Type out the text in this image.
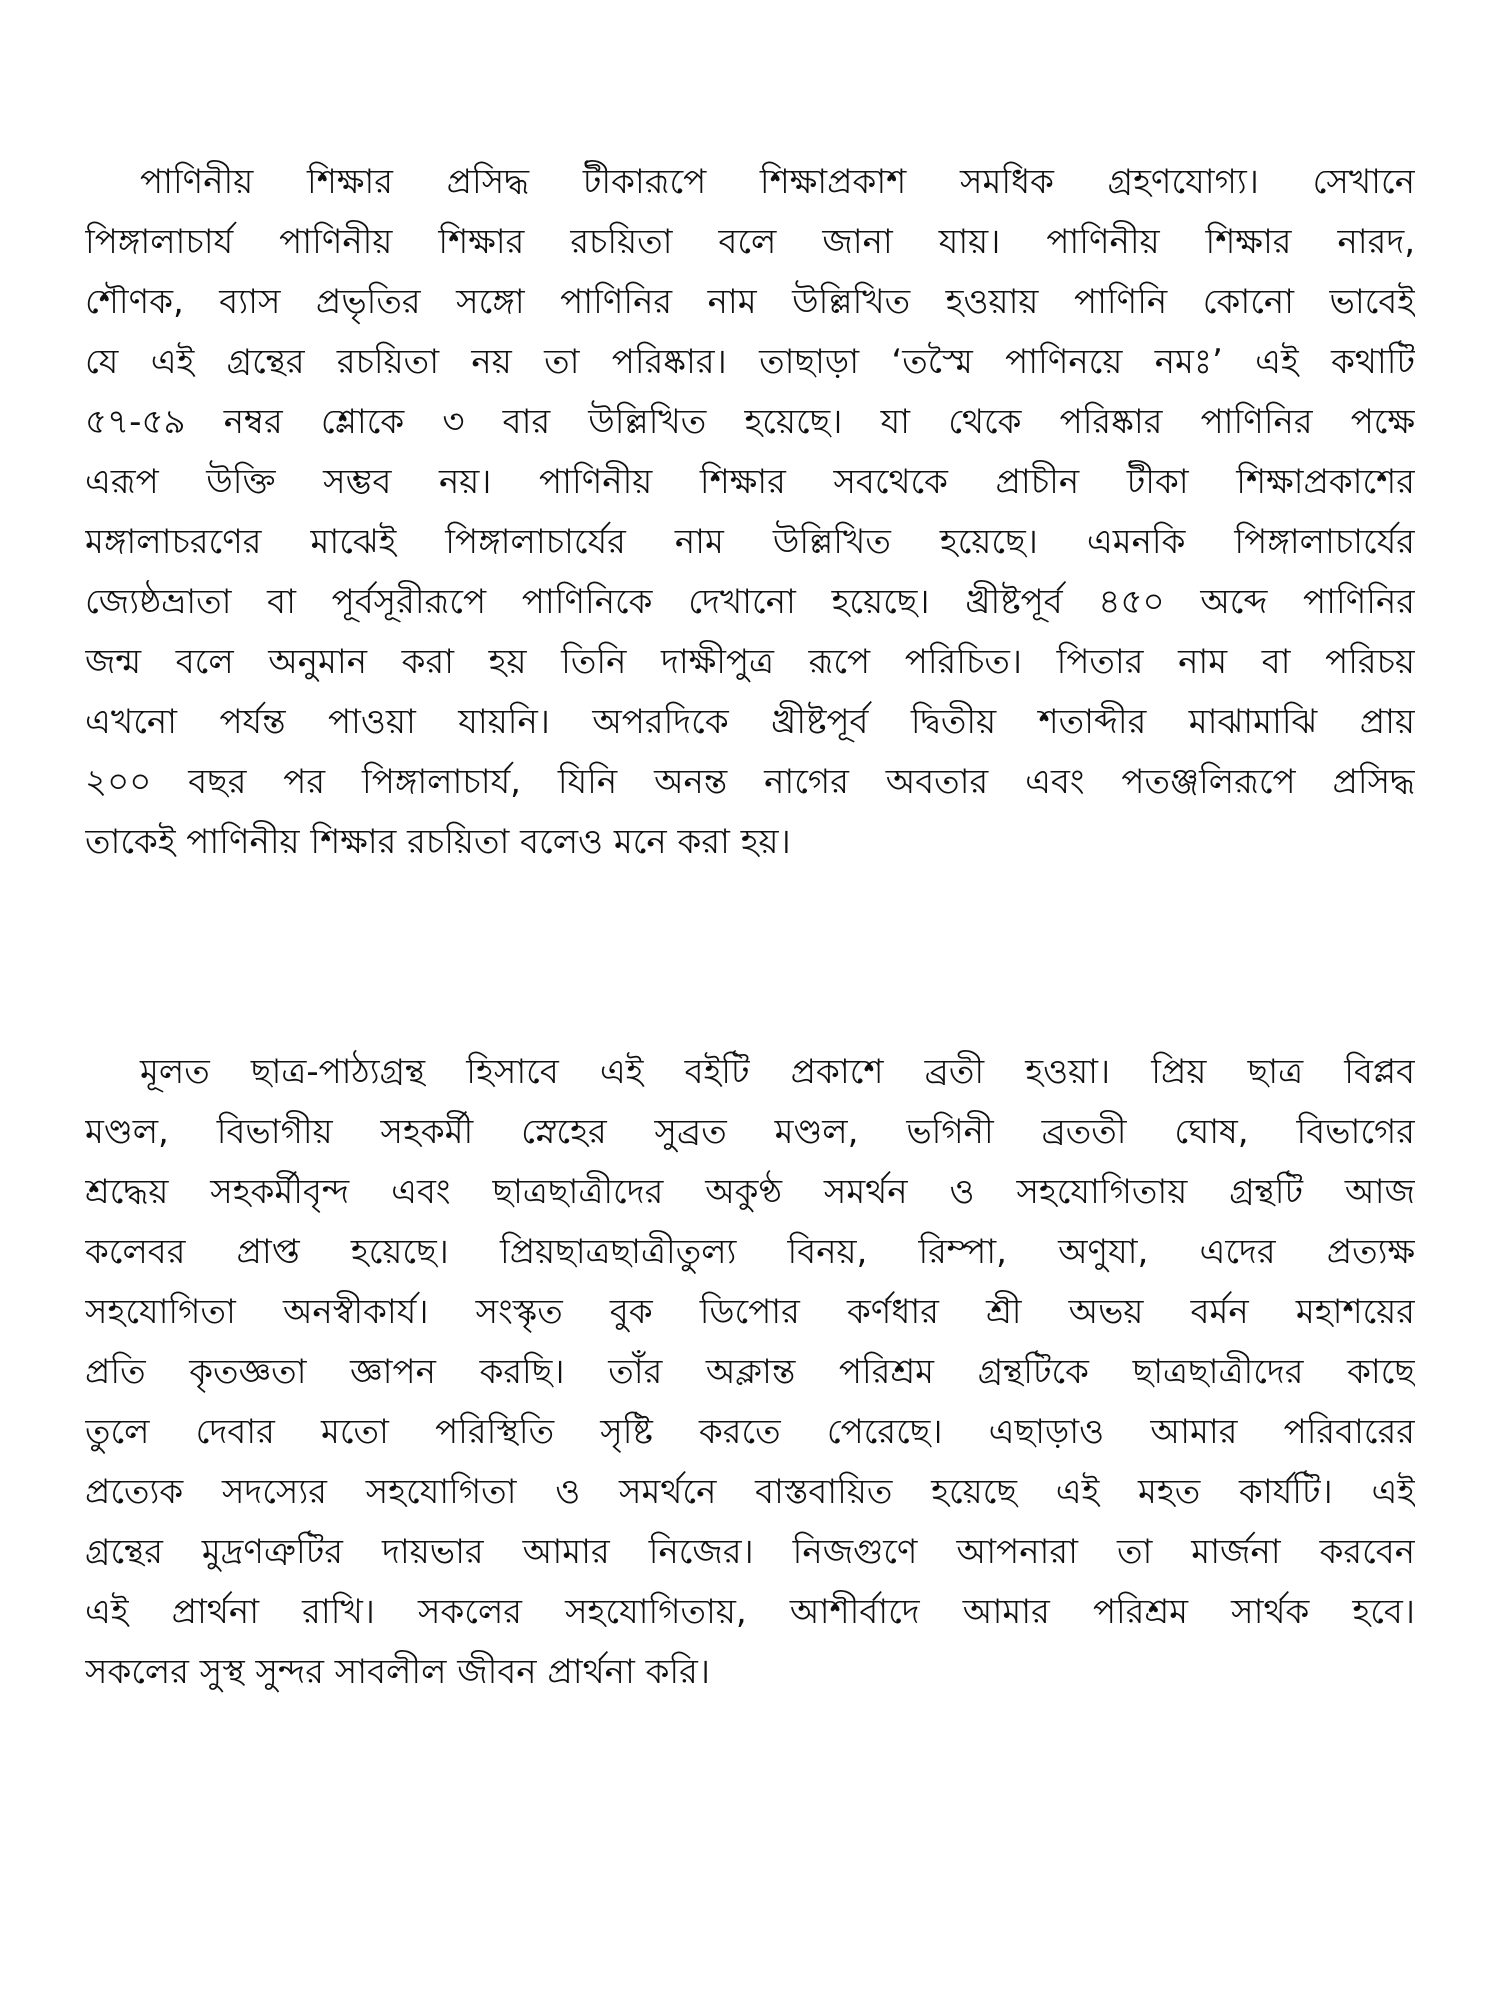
পাণিনীয় শিক্ষার প্রসিদ্ধ টীকারূপে শিক্ষাপ্রকাশ সমধিক গ্রহণযোগ্য। সেখানে
পিঙ্গালাচার্য পাণিনীয় শিক্ষার রচয়িতা বলে জানা যায়। পাণিনীয় শিক্ষার নারদ,
শৌণক, ব্যাস প্রভৃতির সঙ্গো পাণিনির নাম উল্লিখিত হওয়ায় পাণিনি কোনো ভাবেই
যে এই গ্রন্থের রচয়িতা নয় তা পরিষ্কার। তাছাড়া ‘তস্মৈ পাণিনয়ে নমঃ’ এই কথাটি
৫৭-৫৯ নম্বর শ্লোকে ৩ বার উল্লিখিত হয়েছে। যা থেকে পরিষ্কার পাণিনির পক্ষে
এরূপ উক্তি সম্ভব নয়। পাণিনীয় শিক্ষার সবথেকে প্রাচীন টীকা শিক্ষাপ্রকাশের
মঙ্গালাচরণের মাঝেই পিঙ্গালাচার্যের নাম উল্লিখিত হয়েছে। এমনকি পিঙ্গালাচার্যের
জ্যেষ্ঠভ্রাতা বা পূর্বসূরীরূপে পাণিনিকে দেখানো হয়েছে। খ্রীষ্টপূর্ব ৪৫০ অব্দে পাণিনির
জন্ম বলে অনুমান করা হয় তিনি দাক্ষীপুত্র রূপে পরিচিত। পিতার নাম বা পরিচয়
এখনো পর্যন্ত পাওয়া যায়নি। অপরদিকে খ্রীষ্টপূর্ব দ্বিতীয় শতাব্দীর মাঝামাঝি প্রায়
২০০ বছর পর পিঙ্গালাচার্য, যিনি অনন্ত নাগের অবতার এবং পতঞ্জলিরূপে প্রসিদ্ধ
তাকেই পাণিনীয় শিক্ষার রচয়িতা বলেও মনে করা হয়।
মূলত ছাত্র-পাঠ্যগ্রন্থ হিসাবে এই বইটি প্রকাশে ব্রতী হওয়া। প্রিয় ছাত্র বিপ্লব
মণ্ডল, বিভাগীয় সহকর্মী স্নেহের সুব্রত মণ্ডল, ভগিনী ব্রততী ঘোষ, বিভাগের
শ্রদ্ধেয় সহকর্মীবৃন্দ এবং ছাত্রছাত্রীদের অকুণ্ঠ সমর্থন ও সহযোগিতায় গ্রন্থটি আজ
কলেবর প্রাপ্ত হয়েছে। প্রিয়ছাত্রছাত্রীতুল্য বিনয়, রিম্পা, অণুযা, এদের প্রত্যক্ষ
সহযোগিতা অনস্বীকার্য। সংস্কৃত বুক ডিপোর কর্ণধার শ্রী অভয় বর্মন মহাশয়ের
প্রতি কৃতজ্ঞতা জ্ঞাপন করছি। তাঁর অক্লান্ত পরিশ্রম গ্রন্থটিকে ছাত্রছাত্রীদের কাছে
তুলে দেবার মতো পরিস্থিতি সৃষ্টি করতে পেরেছে। এছাড়াও আমার পরিবারের
প্রত্যেক সদস্যের সহযোগিতা ও সমর্থনে বাস্তবায়িত হয়েছে এই মহত কার্যটি। এই
গ্রন্থের মুদ্রণত্রুটির দায়ভার আমার নিজের। নিজগুণে আপনারা তা মার্জনা করবেন
এই প্রার্থনা রাখি। সকলের সহযোগিতায়, আশীর্বাদে আমার পরিশ্রম সার্থক হবে।
সকলের সুস্থ সুন্দর সাবলীল জীবন প্রার্থনা করি।
